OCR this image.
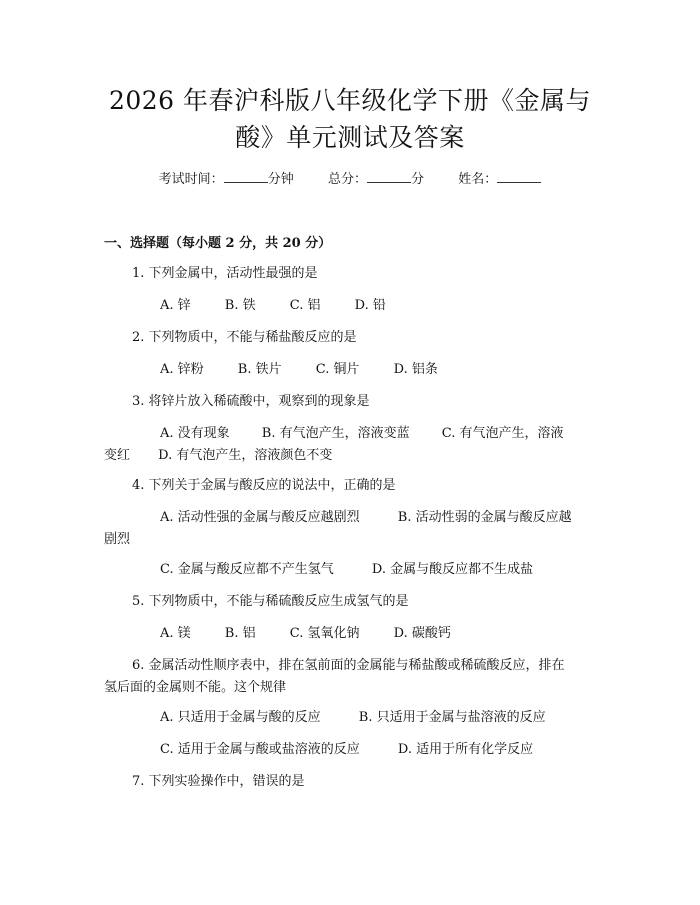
2026 年春沪科版八年级化学下册《金属与
酸》单元测试及答案
考试时间：	分钟	总分：	分	姓名：
一、选择题（每小题 2 分，共 20 分）
1. 下列金属中，活动性最强的是
A. 锌	B. 铁	C. 铝	D. 铅
2. 下列物质中，不能与稀盐酸反应的是
A. 锌粉	B. 铁片	C. 铜片	D. 铝条
3. 将锌片放入稀硫酸中，观察到的现象是
A. 没有现象 B. 有气泡产生，溶液变蓝 C. 有气泡产生，溶液
变红 D. 有气泡产生，溶液颜色不变
4. 下列关于金属与酸反应的说法中，正确的是
A. 活动性强的金属与酸反应越剧烈	B. 活动性弱的金属与酸反应越
剧烈
C. 金属与酸反应都不产生氢气	D. 金属与酸反应都不生成盐
5. 下列物质中，不能与稀硫酸反应生成氢气的是
A. 镁	B. 铝	C. 氢氧化钠	D. 碳酸钙
6. 金属活动性顺序表中，排在氢前面的金属能与稀盐酸或稀硫酸反应，排在
氢后面的金属则不能。这个规律
A. 只适用于金属与酸的反应	B. 只适用于金属与盐溶液的反应
C. 适用于金属与酸或盐溶液的反应	D. 适用于所有化学反应
7. 下列实验操作中，错误的是
